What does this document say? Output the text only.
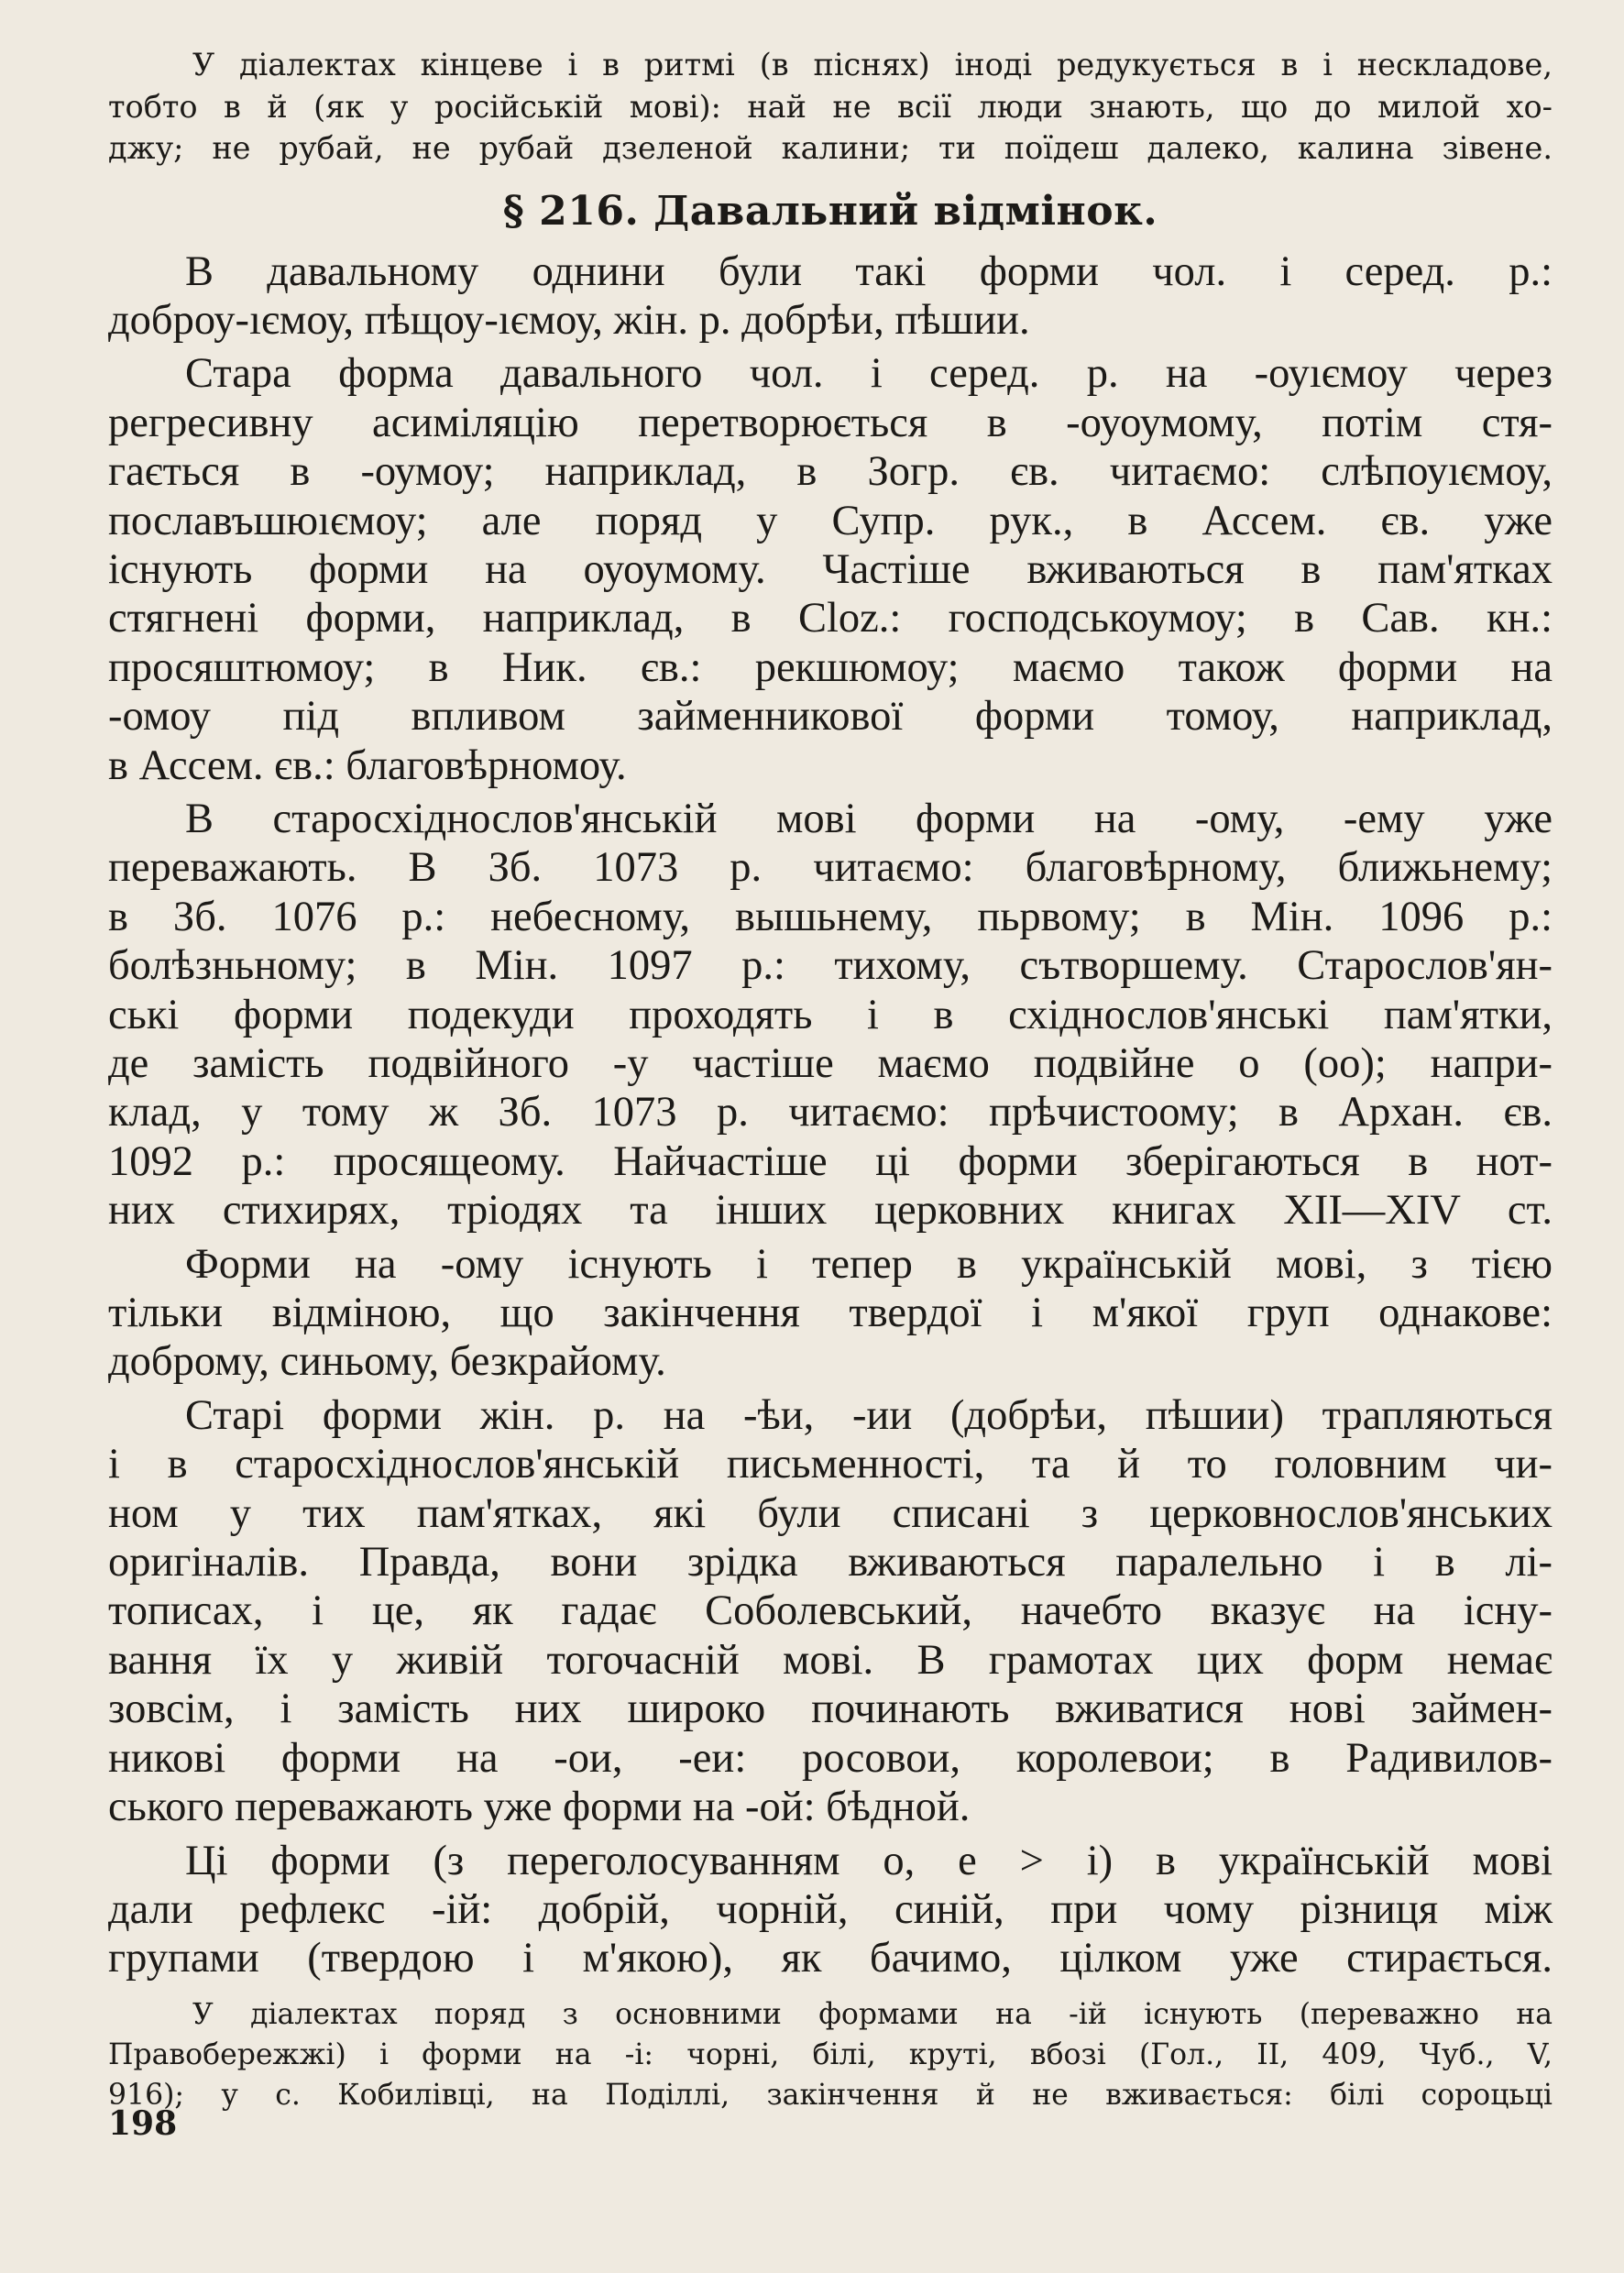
У діалектах кінцеве і в ритмі (в піснях) іноді редукується в і нескладове,
тобто в й (як у російській мові): най не всії люди знають, що до милой хо-
джу; не рубай, не рубай дзеленой калини; ти поїдеш далеко, калина зівене.
§ 216. Давальний відмінок.
В давальному однини були такі форми чол. і серед. р.:
доброу-ıємоу, пѣщоу-ıємоу, жін. р. добрѣи, пѣшии.
Стара форма давального чол. і серед. р. на -оуıємоу через
регресивну асиміляцію перетворюється в -оуоумому, потім стя-
гається в -оумоу; наприклад, в Зогр. єв. читаємо: слѣпоуıємоу,
пославъшюıємоу; але поряд у Супр. рук., в Ассем. єв. уже
існують форми на оуоумому. Частіше вживаються в пам'ятках
стягнені форми, наприклад, в Cloz.: господськоумоу; в Сав. кн.:
просяштюмоу; в Ник. єв.: рекшюмоу; маємо також форми на
-омоу під впливом займенникової форми томоу, наприклад,
в Ассем. єв.: благовѣрномоу.
В старосхіднослов'янській мові форми на -ому, -ему уже
переважають. В Зб. 1073 р. читаємо: благовѣрному, ближьнему;
в Зб. 1076 р.: небесному, вышьнему, пьрвому; в Мін. 1096 р.:
болѣзньному; в Мін. 1097 р.: тихому, сътворшему. Старослов'ян-
ські форми подекуди проходять і в східнослов'янські пам'ятки,
де замість подвійного -у частіше маємо подвійне о (оо); напри-
клад, у тому ж Зб. 1073 р. читаємо: прѣчистоому; в Архан. єв.
1092 р.: просящеому. Найчастіше ці форми зберігаються в нот-
них стихирях, тріодях та інших церковних книгах XII—XIV ст.
Форми на -ому існують і тепер в українській мові, з тією
тільки відміною, що закінчення твердої і м'якої груп однакове:
доброму, синьому, безкрайому.
Старі форми жін. р. на -ѣи, -ии (добрѣи, пѣшии) трапляються
і в старосхіднослов'янській письменності, та й то головним чи-
ном у тих пам'ятках, які були списані з церковнослов'янських
оригіналів. Правда, вони зрідка вживаються паралельно і в лі-
тописах, і це, як гадає Соболевський, начебто вказує на існу-
вання їх у живій тогочасній мові. В грамотах цих форм немає
зовсім, і замість них широко починають вживатися нові займен-
никові форми на -ои, -еи: росовои, королевои; в Радивилов-
ського переважають уже форми на -ой: бѣдной.
Ці форми (з переголосуванням о, е > і) в українській мові
дали рефлекс -ій: добрій, чорній, синій, при чому різниця між
групами (твердою і м'якою), як бачимо, цілком уже стирається.
У діалектах поряд з основними формами на -ій існують (переважно на
Правобережжі) і форми на -і: чорні, білі, круті, вбозі (Гол., II, 409, Чуб., V,
916); у с. Кобилівці, на Поділлі, закінчення й не вживається: білі сороцьці
198
